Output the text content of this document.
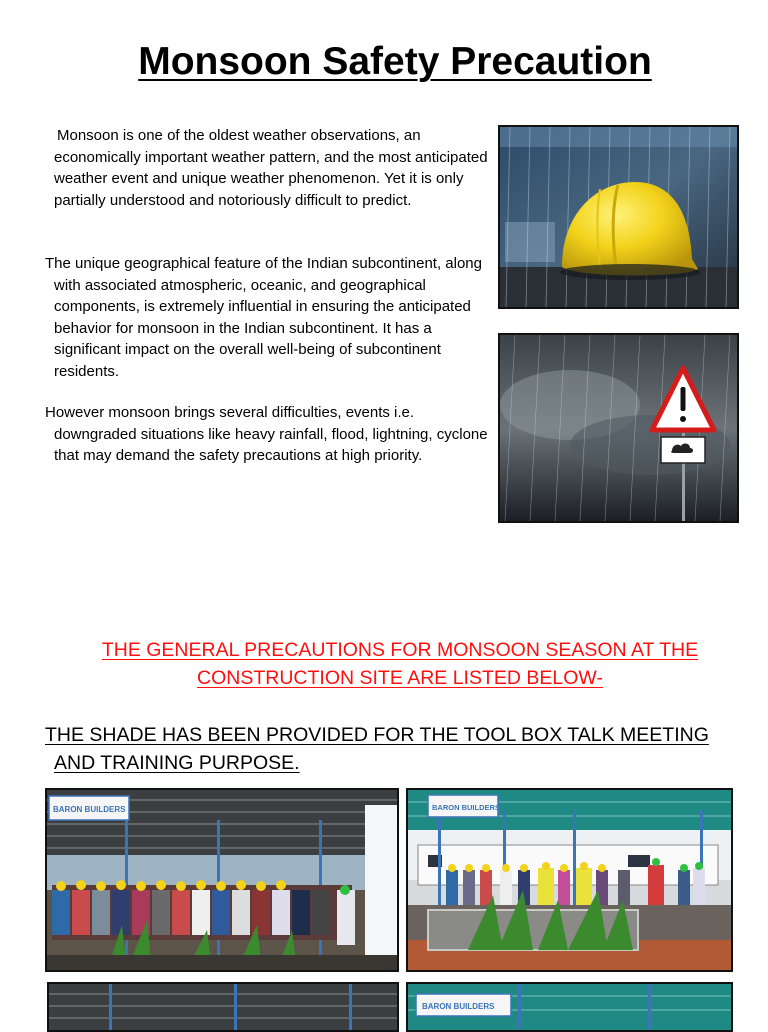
Monsoon Safety Precaution

Monsoon is one of the oldest weather observations, an economically important weather pattern, and the most anticipated weather event and unique weather phenomenon. Yet it is only partially understood and notoriously difficult to predict.

The unique geographical feature of the Indian subcontinent, along with associated atmospheric, oceanic, and geographical components, is extremely influential in ensuring the anticipated behavior for monsoon in the Indian subcontinent. It has a significant impact on the overall well-being of subcontinent residents.

However monsoon brings several difficulties, events i.e. downgraded situations like heavy rainfall, flood, lightning, cyclone that may demand the safety precautions at high priority.

THE GENERAL PRECAUTIONS FOR MONSOON SEASON AT THE CONSTRUCTION SITE ARE LISTED BELOW-

THE SHADE HAS BEEN PROVIDED FOR THE TOOL BOX TALK MEETING AND TRAINING PURPOSE.

BARON BUILDERS	BARON BUILDERS
BARON BUILDERS
